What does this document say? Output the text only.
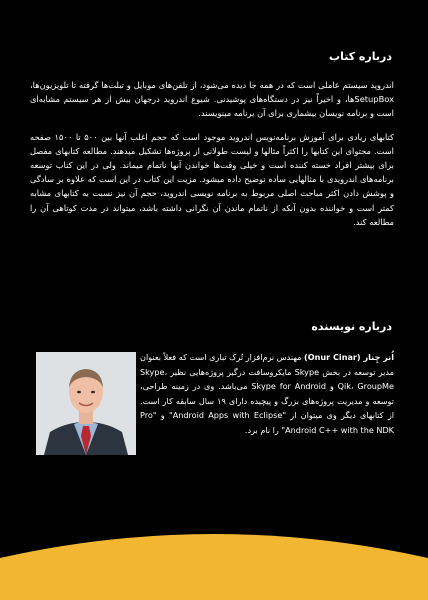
درباره کتاب

اندروید سیستم عاملی است که در همه جا دیده می‌شود، از تلفن‌های موبایل و تبلت‌ها گرفته تا تلویزیون‌ها، SetupBoxها، و اخیراً نیز در دستگاه‌های پوشیدنی. شیوع اندروید درجهان بیش از هر سیستم مشابه‌ای است و برنامه نویسان بیشماری برای آن برنامه مینویسند.

کتابهای زیادی برای آموزش برنامه‌نویس اندروید موجود است که حجم اغلب آنها بین ۵۰۰ تا ۱۵۰۰ صفحه است. محتوای این کتابها را اکثراً مثالها و لیست طولانی از پروژه‌ها تشکیل میدهند. مطالعه کتابهای مفصل برای بیشتر افراد خسته کننده است و خیلی وقت‌ها خواندن آنها ناتمام میماند. ولی در این کتاب توسعه برنامه‌های اندرویدی با مثالهایی ساده توضیح داده میشود. مزیت این کتاب در این است که علاوه بر سادگی و پوشش دادن اکثر مباحث اصلی مربوط به برنامه نویسی اندروید، حجم آن نیز نسبت به کتابهای مشابه کمتر است و خواننده بدون آنکه از ناتمام ماندن آن نگرانی داشته باشد، میتواند در مدت کوتاهی آن را مطالعه کند.

درباره نویسنده

اُنر چِنار (Onur Cinar) مهندس نرم‌افزار تُرک تباری است که فعلاً بعنوان مدیر توسعه در بخش Skype مایکروسافت درگیر پروژه‌هایی نظیر Skype، Qik، GroupMe و Skype for Android می‌باشد. وی در زمینه طراحی، توسعه و مدیریت پروژه‌های بزرگ و پیچیده دارای ۱۹ سال سابقه کار است. از کتابهای دیگر وی میتوان از "Android Apps with Eclipse" و "Pro Android C++ with the NDK" را نام برد.
